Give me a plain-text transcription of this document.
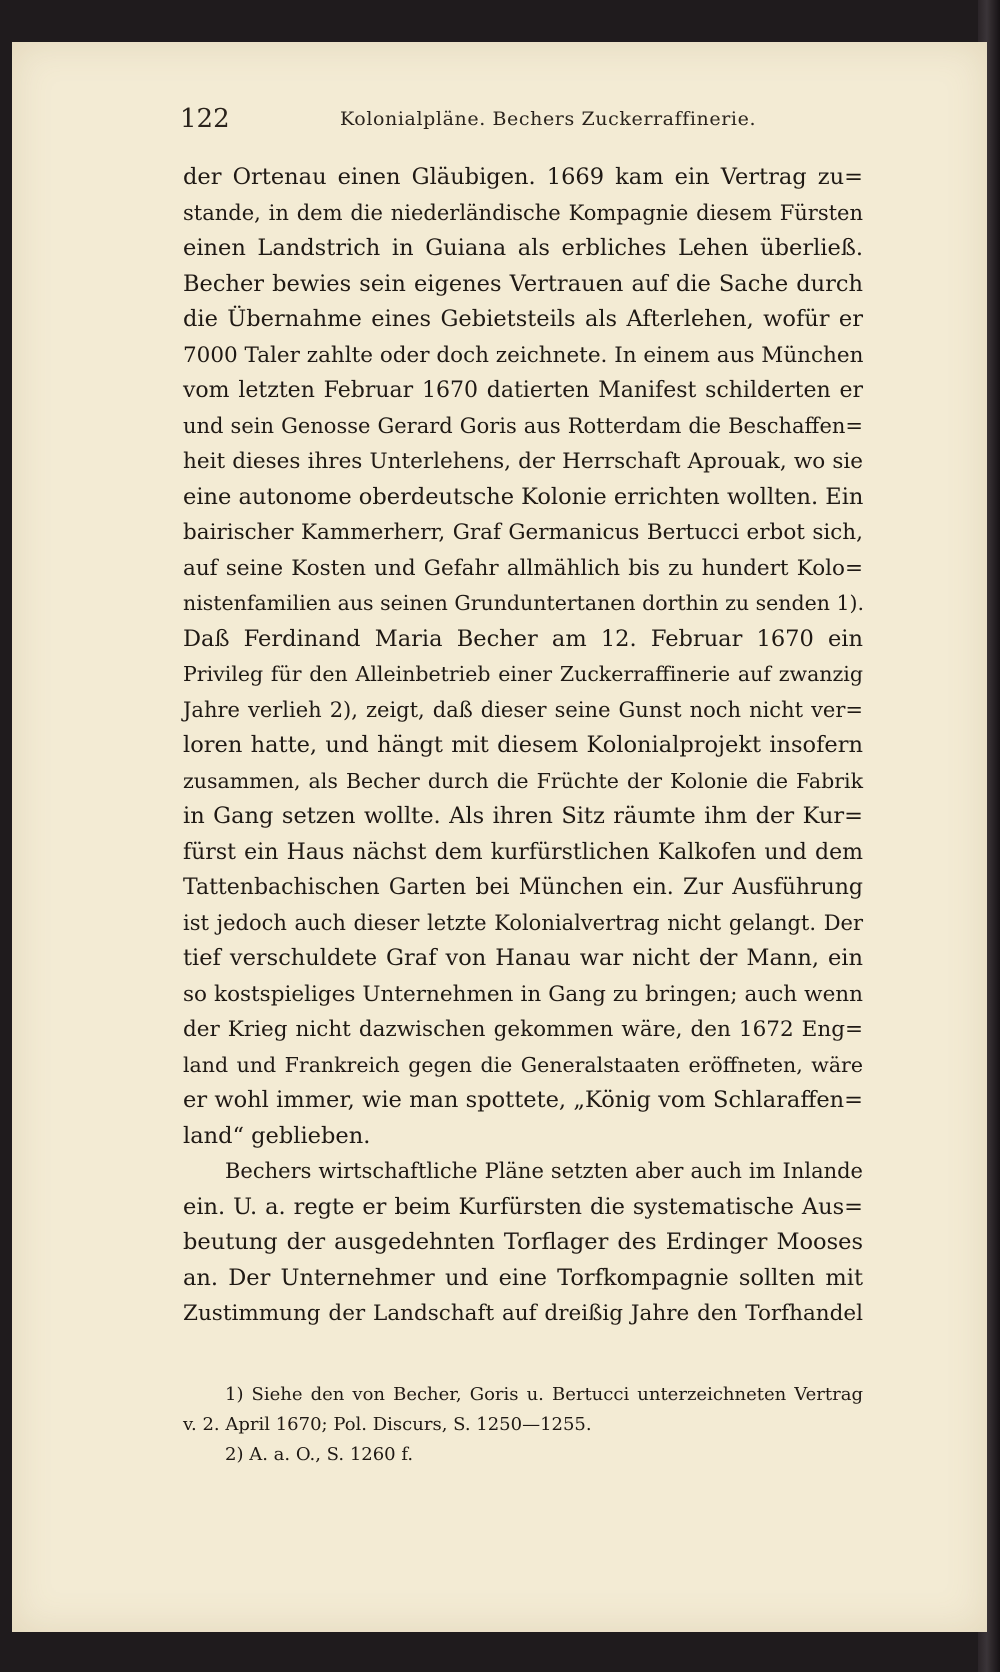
122	Kolonialpläne. Bechers Zuckerraffinerie.
der Ortenau einen Gläubigen. 1669 kam ein Vertrag zu=
stande, in dem die niederländische Kompagnie diesem Fürsten
einen Landstrich in Guiana als erbliches Lehen überließ.
Becher bewies sein eigenes Vertrauen auf die Sache durch
die Übernahme eines Gebietsteils als Afterlehen, wofür er
7000 Taler zahlte oder doch zeichnete. In einem aus München
vom letzten Februar 1670 datierten Manifest schilderten er
und sein Genosse Gerard Goris aus Rotterdam die Beschaffen=
heit dieses ihres Unterlehens, der Herrschaft Aprouak, wo sie
eine autonome oberdeutsche Kolonie errichten wollten. Ein
bairischer Kammerherr, Graf Germanicus Bertucci erbot sich,
auf seine Kosten und Gefahr allmählich bis zu hundert Kolo=
nistenfamilien aus seinen Grunduntertanen dorthin zu senden 1).
Daß Ferdinand Maria Becher am 12. Februar 1670 ein
Privileg für den Alleinbetrieb einer Zuckerraffinerie auf zwanzig
Jahre verlieh 2), zeigt, daß dieser seine Gunst noch nicht ver=
loren hatte, und hängt mit diesem Kolonialprojekt insofern
zusammen, als Becher durch die Früchte der Kolonie die Fabrik
in Gang setzen wollte. Als ihren Sitz räumte ihm der Kur=
fürst ein Haus nächst dem kurfürstlichen Kalkofen und dem
Tattenbachischen Garten bei München ein. Zur Ausführung
ist jedoch auch dieser letzte Kolonialvertrag nicht gelangt. Der
tief verschuldete Graf von Hanau war nicht der Mann, ein
so kostspieliges Unternehmen in Gang zu bringen; auch wenn
der Krieg nicht dazwischen gekommen wäre, den 1672 Eng=
land und Frankreich gegen die Generalstaaten eröffneten, wäre
er wohl immer, wie man spottete, „König vom Schlaraffen=
land“ geblieben.
Bechers wirtschaftliche Pläne setzten aber auch im Inlande
ein. U. a. regte er beim Kurfürsten die systematische Aus=
beutung der ausgedehnten Torflager des Erdinger Mooses
an. Der Unternehmer und eine Torfkompagnie sollten mit
Zustimmung der Landschaft auf dreißig Jahre den Torfhandel
1) Siehe den von Becher, Goris u. Bertucci unterzeichneten Vertrag
v. 2. April 1670; Pol. Discurs, S. 1250—1255.
2) A. a. O., S. 1260 f.
